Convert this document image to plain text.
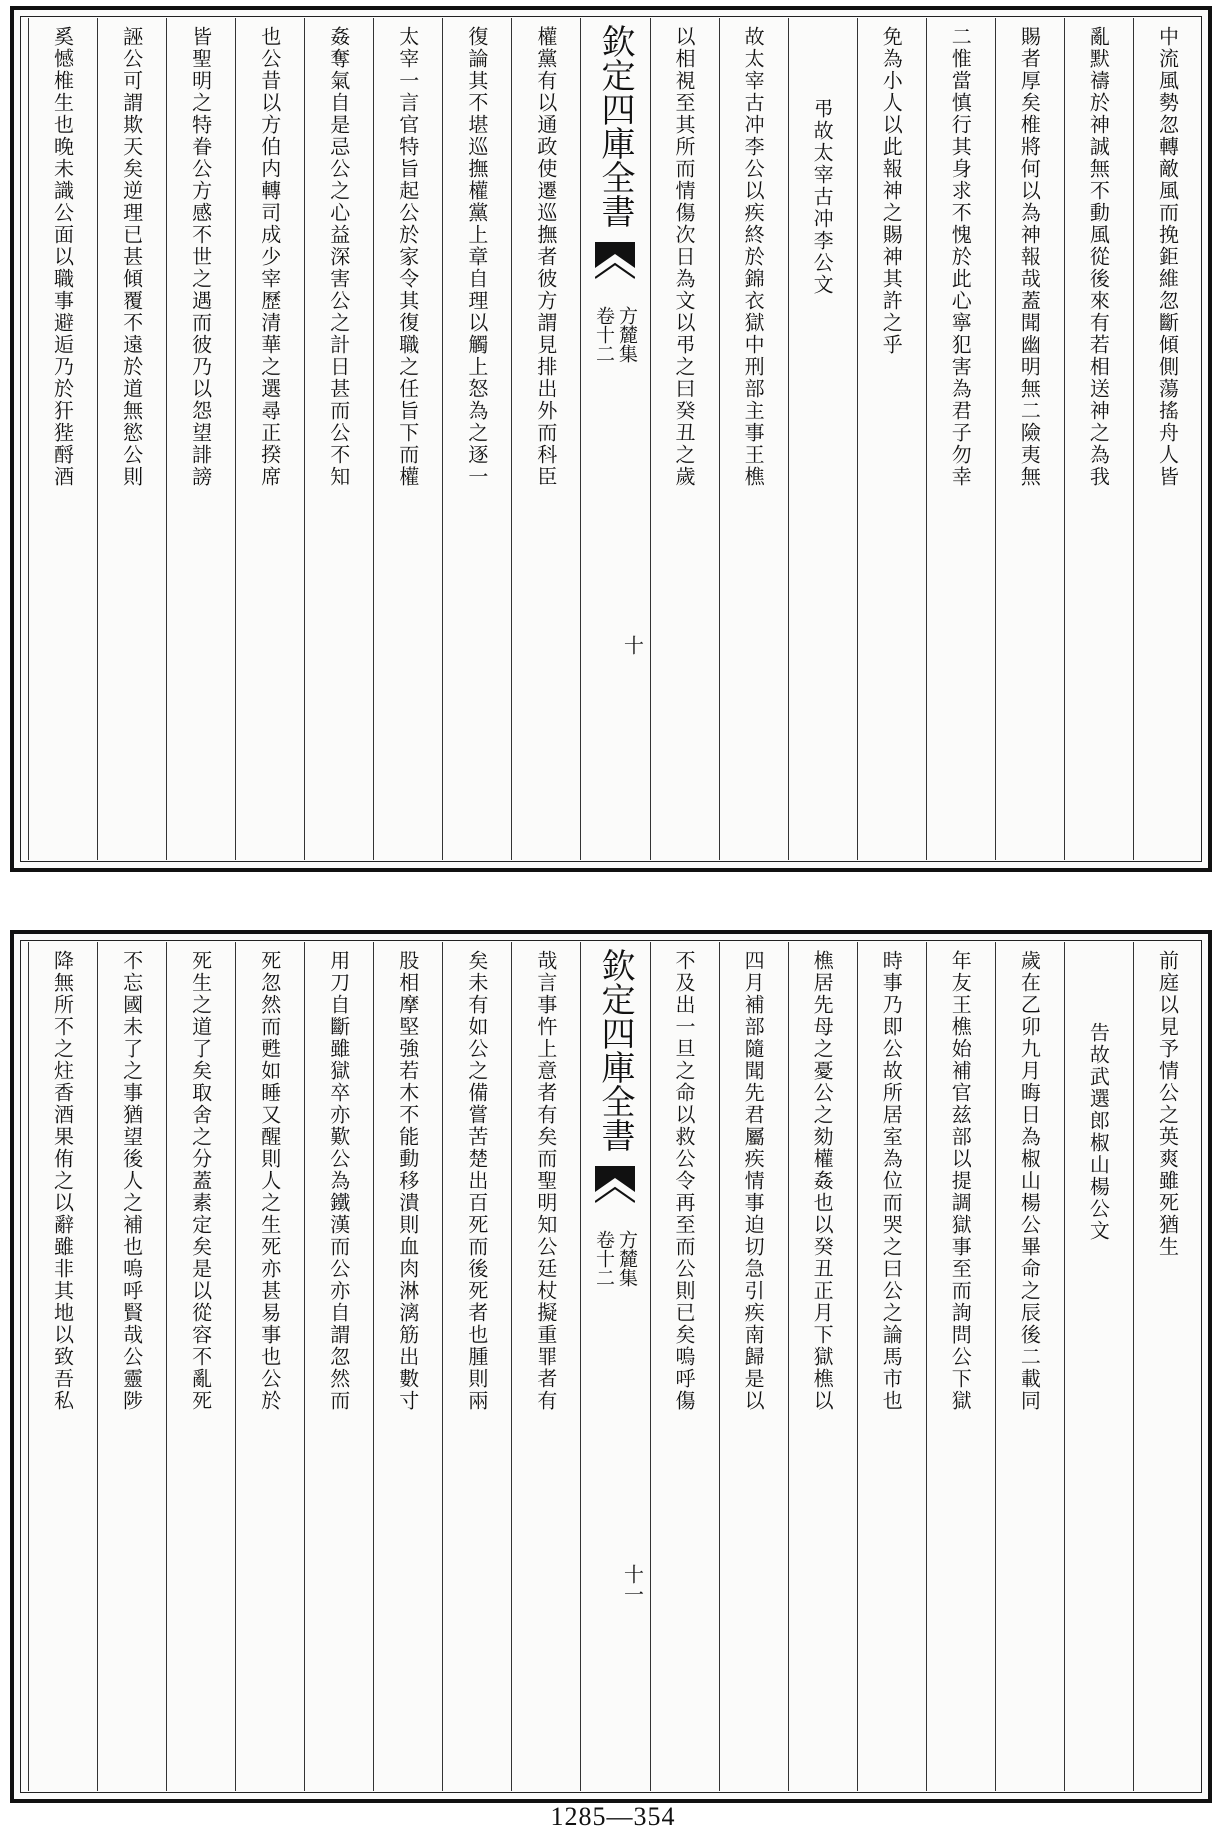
中流風勢忽轉敵風而挽鉅維忽斷傾側蕩搖舟人皆
亂默禱於神誠無不動風從後來有若相送神之為我
賜者厚矣椎將何以為神報哉蓋聞幽明無二險夷無
二惟當慎行其身求不愧於此心寧犯害為君子勿幸
免為小人以此報神之賜神其許之乎
弔故太宰古冲李公文
故太宰古冲李公以疾終於錦衣獄中刑部主事王樵
以相視至其所而情傷次日為文以弔之曰癸丑之歲
權黨有以通政使遷巡撫者彼方謂見排出外而科臣
復論其不堪巡撫權黨上章自理以觸上怒為之逐一
太宰一言官特旨起公於家令其復職之任旨下而權
姦奪氣自是忌公之心益深害公之計日甚而公不知
也公昔以方伯内轉司成少宰歷清華之選尋正揆席
皆聖明之特眷公方感不世之遇而彼乃以怨望誹謗
誣公可謂欺天矣逆理已甚傾覆不遠於道無慾公則
奚憾椎生也晚未識公面以職事避逅乃於犴狴酹酒	欽定四庫全書
方麓集
卷十二
十
前庭以見予情公之英爽雖死猶生
告故武選郎椒山楊公文
歲在乙卯九月晦日為椒山楊公畢命之辰後二載同
年友王樵始補官兹部以提調獄事至而詢問公下獄
時事乃即公故所居室為位而哭之曰公之論馬市也
樵居先母之憂公之劾權姦也以癸丑正月下獄樵以
四月補部隨聞先君屬疾情事迫切急引疾南歸是以
不及出一旦之命以救公令再至而公則已矣嗚呼傷
哉言事忤上意者有矣而聖明知公廷杖擬重罪者有
矣未有如公之備嘗苦楚出百死而後死者也腫則兩
股相摩堅強若木不能動移潰則血肉淋漓筋出數寸
用刀自斷雖獄卒亦歎公為鐵漢而公亦自謂忽然而
死忽然而甦如睡又醒則人之生死亦甚易事也公於
死生之道了矣取舍之分蓋素定矣是以從容不亂死
不忘國未了之事猶望後人之補也嗚呼賢哉公靈陟
降無所不之炷香酒果侑之以辭雖非其地以致吾私	欽定四庫全書
方麓集
卷十二
十一
1285—354
